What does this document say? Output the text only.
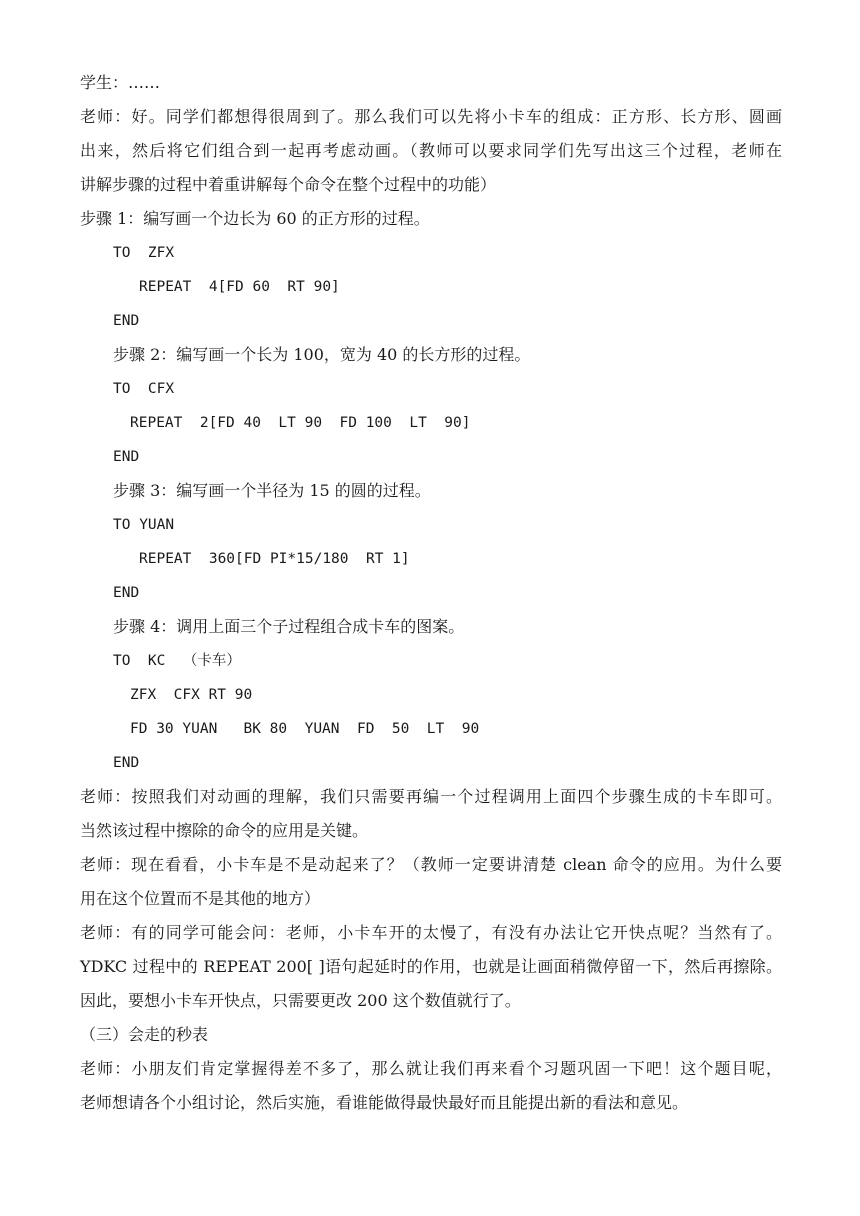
学生：……
老师：好。同学们都想得很周到了。那么我们可以先将小卡车的组成：正方形、长方形、圆画
出来，然后将它们组合到一起再考虑动画。（教师可以要求同学们先写出这三个过程，老师在
讲解步骤的过程中着重讲解每个命令在整个过程中的功能）
步骤 1：编写画一个边长为 60 的正方形的过程。
TO  ZFX
REPEAT  4[FD 60  RT 90]
END
步骤 2：编写画一个长为 100，宽为 40 的长方形的过程。
TO  CFX
REPEAT  2[FD 40  LT 90  FD 100  LT  90]
END
步骤 3：编写画一个半径为 15 的圆的过程。
TO YUAN
REPEAT  360[FD PI*15/180  RT 1]
END
步骤 4：调用上面三个子过程组合成卡车的图案。
TO  KC  （卡车）
ZFX  CFX RT 90
FD 30 YUAN   BK 80  YUAN  FD  50  LT  90
END
老师：按照我们对动画的理解，我们只需要再编一个过程调用上面四个步骤生成的卡车即可。
当然该过程中擦除的命令的应用是关键。
老师：现在看看，小卡车是不是动起来了？（教师一定要讲清楚 clean 命令的应用。为什么要
用在这个位置而不是其他的地方）
老师：有的同学可能会问：老师，小卡车开的太慢了，有没有办法让它开快点呢？当然有了。
YDKC 过程中的 REPEAT 200[ ]语句起延时的作用，也就是让画面稍微停留一下，然后再擦除。
因此，要想小卡车开快点，只需要更改 200 这个数值就行了。
（三）会走的秒表
老师：小朋友们肯定掌握得差不多了，那么就让我们再来看个习题巩固一下吧！这个题目呢，
老师想请各个小组讨论，然后实施，看谁能做得最快最好而且能提出新的看法和意见。
